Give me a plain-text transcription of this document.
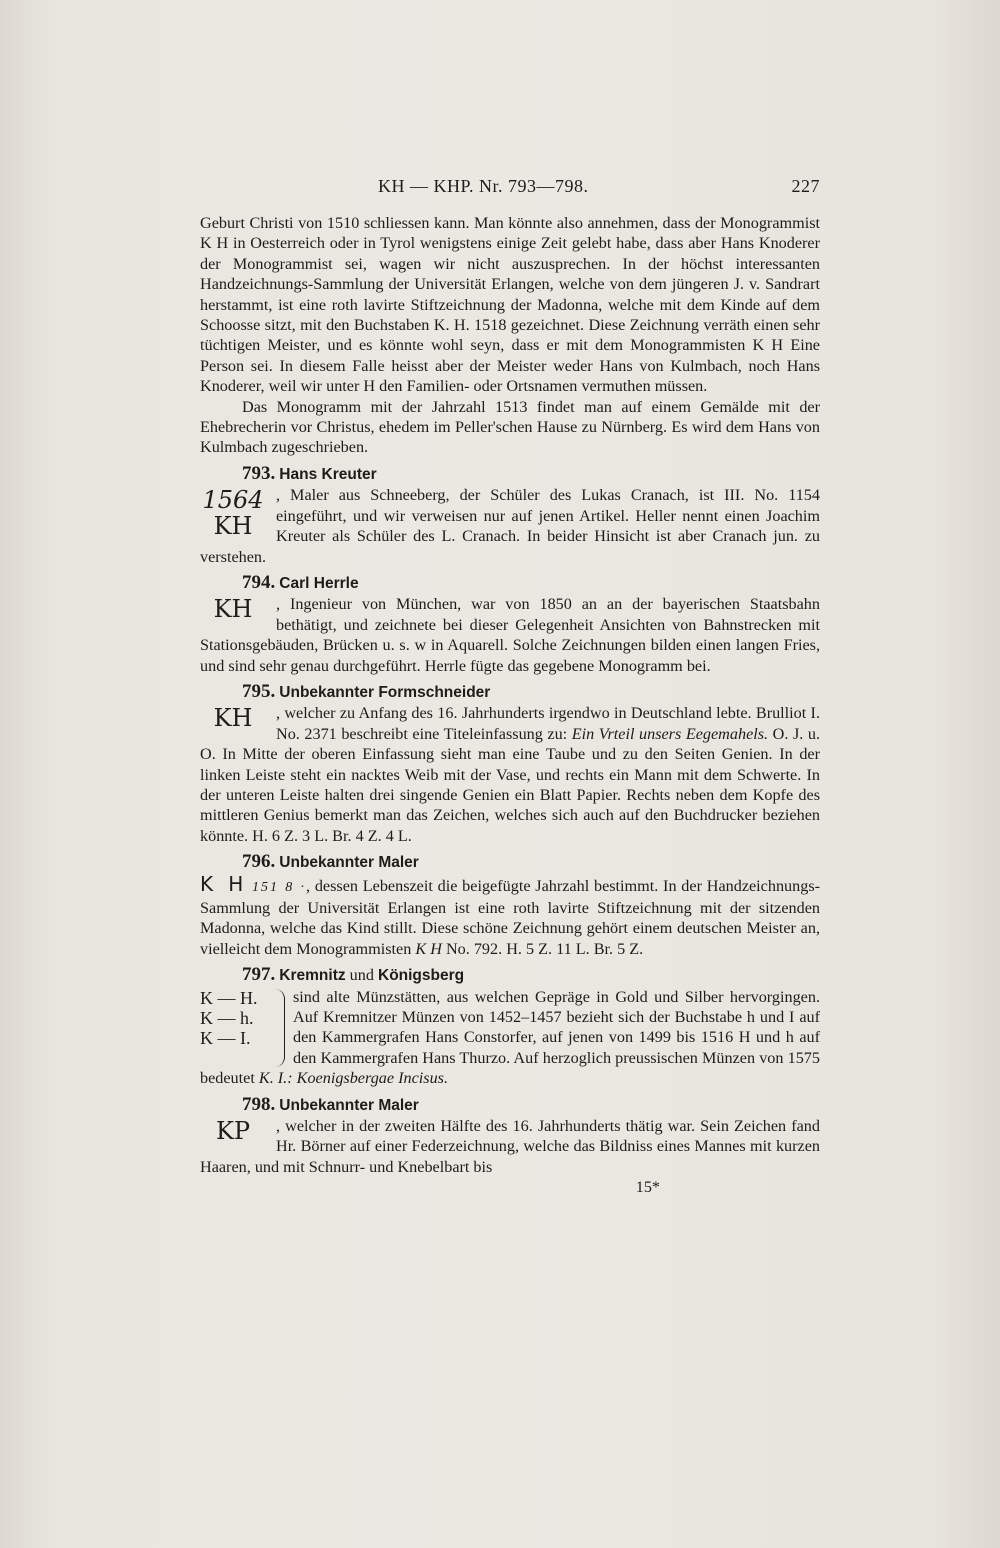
KH — KHP. Nr. 793—798.	227

Geburt Christi von 1510 schliessen kann. Man könnte also annehmen, dass der Monogrammist K H in Oesterreich oder in Tyrol wenigstens einige Zeit gelebt habe, dass aber Hans Knoderer der Monogrammist sei, wagen wir nicht auszusprechen. In der höchst interessanten Handzeichnungs-Sammlung der Universität Erlangen, welche von dem jüngeren J. v. Sandrart herstammt, ist eine roth lavirte Stiftzeichnung der Madonna, welche mit dem Kinde auf dem Schoosse sitzt, mit den Buchstaben K. H. 1518 gezeichnet. Diese Zeichnung verräth einen sehr tüchtigen Meister, und es könnte wohl seyn, dass er mit dem Monogrammisten K H Eine Person sei. In diesem Falle heisst aber der Meister weder Hans von Kulmbach, noch Hans Knoderer, weil wir unter H den Familien- oder Ortsnamen vermuthen müssen.

Das Monogramm mit der Jahrzahl 1513 findet man auf einem Gemälde mit der Ehebrecherin vor Christus, ehedem im Peller'schen Hause zu Nürnberg. Es wird dem Hans von Kulmbach zugeschrieben.

793. Hans Kreuter

1564
KH

, Maler aus Schneeberg, der Schüler des Lukas Cranach, ist III. No. 1154 eingeführt, und wir verweisen nur auf jenen Artikel. Heller nennt einen Joachim Kreuter als Schüler des L. Cranach. In beider Hinsicht ist aber Cranach jun. zu verstehen.

794. Carl Herrle

KH	, Ingenieur von München, war von 1850 an an der bayerischen Staatsbahn bethätigt, und zeichnete bei dieser Gelegenheit Ansichten von Bahnstrecken mit Stationsgebäuden, Brücken u. s. w in Aquarell. Solche Zeichnungen bilden einen langen Fries, und sind sehr genau durchgeführt. Herrle fügte das gegebene Monogramm bei.

795. Unbekannter Formschneider

KH	, welcher zu Anfang des 16. Jahrhunderts irgendwo in Deutschland lebte. Brulliot I. No. 2371 beschreibt eine Titeleinfassung zu: Ein Vrteil unsers Eegemahels. O. J. u. O. In Mitte der oberen Einfassung sieht man eine Taube und zu den Seiten Genien. In der linken Leiste steht ein nacktes Weib mit der Vase, und rechts ein Mann mit dem Schwerte. In der unteren Leiste halten drei singende Genien ein Blatt Papier. Rechts neben dem Kopfe des mittleren Genius bemerkt man das Zeichen, welches sich auch auf den Buchdrucker beziehen könnte. H. 6 Z. 3 L. Br. 4 Z. 4 L.

796. Unbekannter Maler

K H 151 8 ·, dessen Lebenszeit die beigefügte Jahrzahl bestimmt. In der Handzeichnungs-Sammlung der Universität Erlangen ist eine roth lavirte Stiftzeichnung mit der sitzenden Madonna, welche das Kind stillt. Diese schöne Zeichnung gehört einem deutschen Meister an, vielleicht dem Monogrammisten K H No. 792. H. 5 Z. 11 L. Br. 5 Z.

797. Kremnitz und Königsberg

K — H.
K — h.
K — I.

sind alte Münzstätten, aus welchen Gepräge in Gold und Silber hervorgingen. Auf Kremnitzer Münzen von 1452–1457 bezieht sich der Buchstabe h und I auf den Kammergrafen Hans Constorfer, auf jenen von 1499 bis 1516 H und h auf den Kammergrafen Hans Thurzo. Auf herzoglich preussischen Münzen von 1575 bedeutet K. I.: Koenigsbergae Incisus.

798. Unbekannter Maler

KP	, welcher in der zweiten Hälfte des 16. Jahrhunderts thätig war. Sein Zeichen fand Hr. Börner auf einer Federzeichnung, welche das Bildniss eines Mannes mit kurzen Haaren, und mit Schnurr- und Knebelbart bis

15*
